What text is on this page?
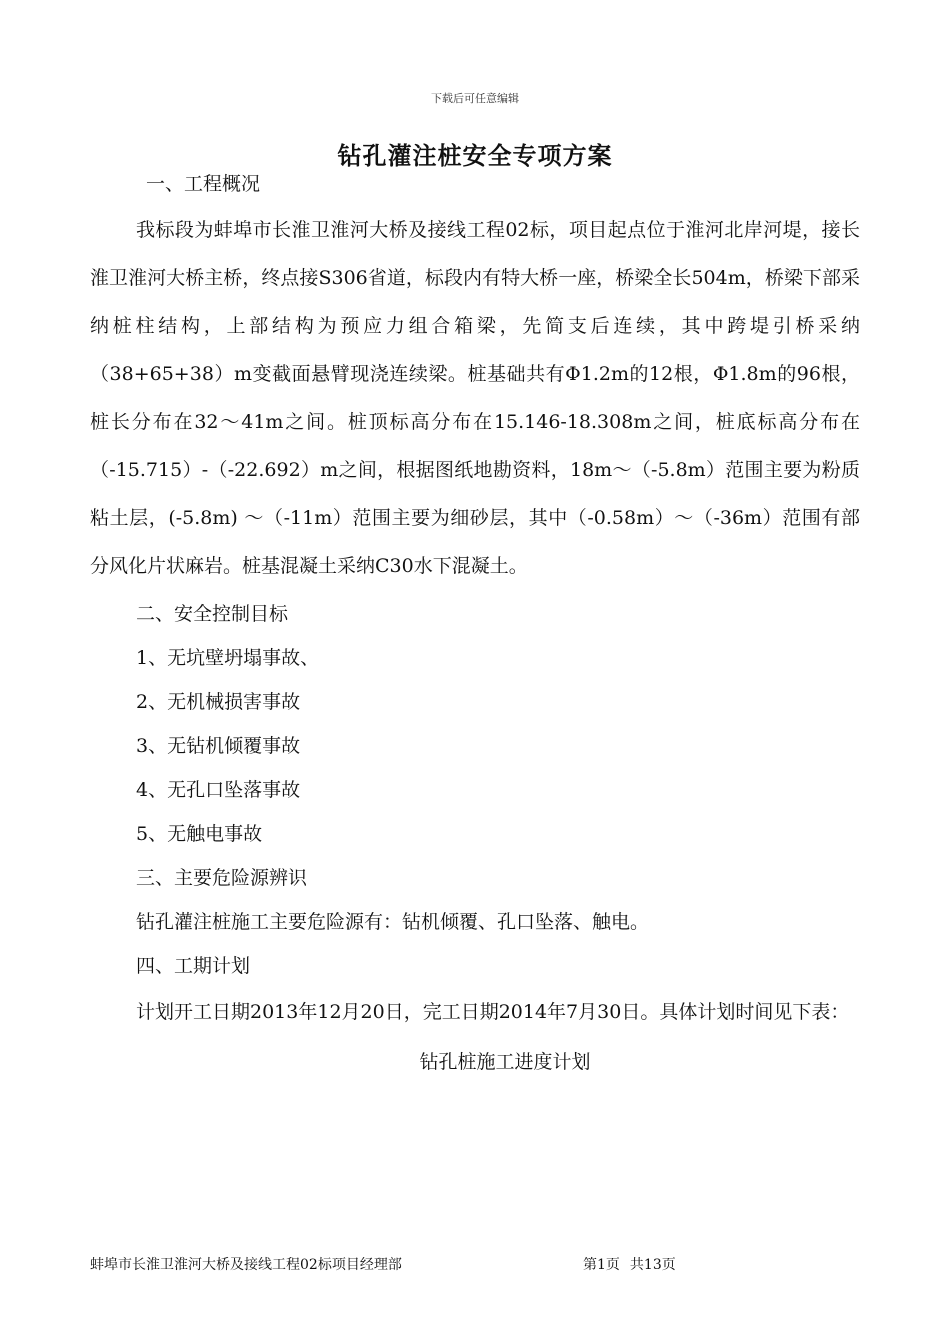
下载后可任意编辑
钻孔灌注桩安全专项方案

一、工程概况

我标段为蚌埠市长淮卫淮河大桥及接线工程02标，项目起点位于淮河北岸河堤，接长淮卫淮河大桥主桥，终点接S306省道，标段内有特大桥一座，桥梁全长504m，桥梁下部采纳桩柱结构，上部结构为预应力组合箱梁，先简支后连续，其中跨堤引桥采纳（38+65+38）m变截面悬臂现浇连续梁。桩基础共有Φ1.2m的12根，Φ1.8m的96根，桩长分布在32～41m之间。桩顶标高分布在15.146-18.308m之间，桩底标高分布在（-15.715）-（-22.692）m之间，根据图纸地勘资料，18m～（-5.8m）范围主要为粉质粘土层，(-5.8m) ～（-11m）范围主要为细砂层，其中（-0.58m）～（-36m）范围有部分风化片状麻岩。桩基混凝土采纳C30水下混凝土。

二、安全控制目标

1、无坑壁坍塌事故、

2、无机械损害事故

3、无钻机倾覆事故

4、无孔口坠落事故

5、无触电事故

三、主要危险源辨识

钻孔灌注桩施工主要危险源有：钻机倾覆、孔口坠落、触电。

四、工期计划

计划开工日期2013年12月20日，完工日期2014年7月30日。具体计划时间见下表：

钻孔桩施工进度计划

蚌埠市长淮卫淮河大桥及接线工程02标项目经理部	第1页 共13页
